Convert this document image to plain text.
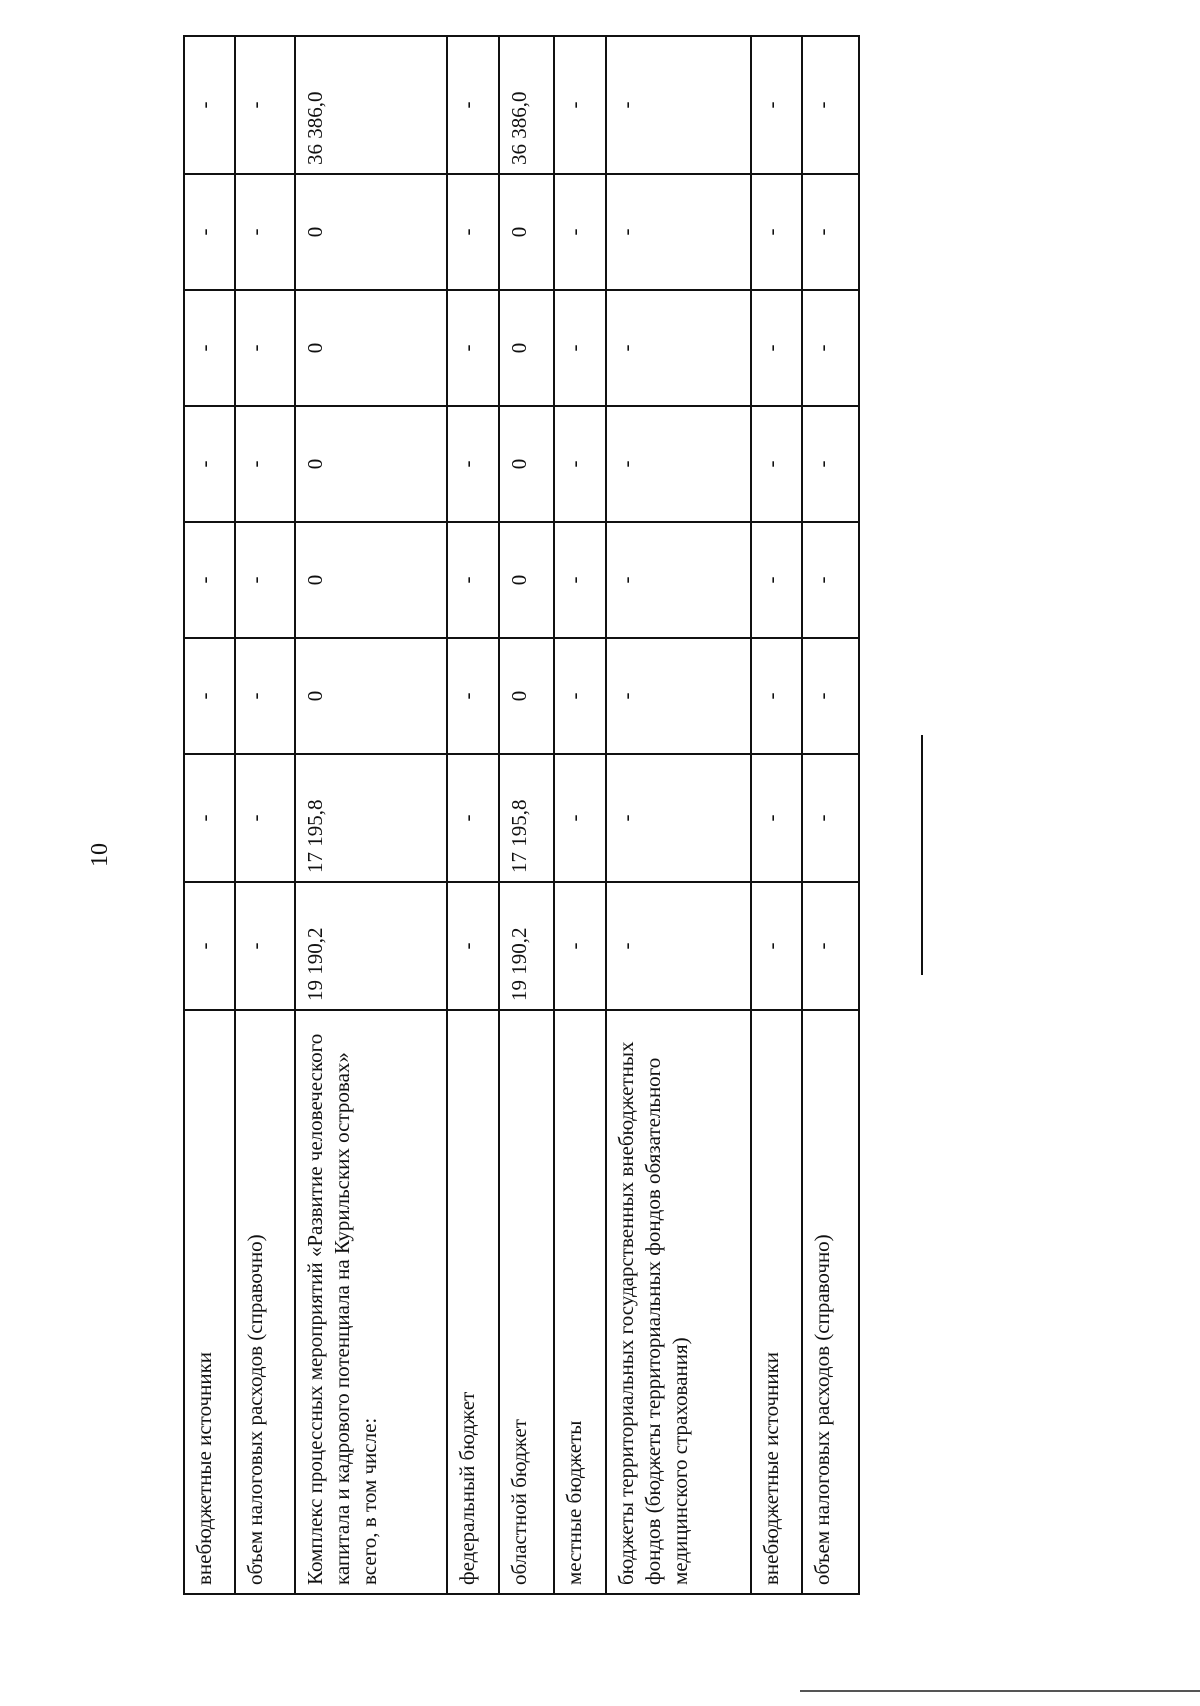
10
внебюджетные источники	-	-	-	-	-	-	-	-
объем налоговых расходов (справочно)	-	-	-	-	-	-	-	-
Комплекс процессных мероприятий «Развитие человеческого капитала и кадрового потенциала на Курильских островах» всего, в том числе:	19 190,2	17 195,8	0	0	0	0	0	36 386,0
федеральный бюджет	-	-	-	-	-	-	-	-
областной бюджет	19 190,2	17 195,8	0	0	0	0	0	36 386,0
местные бюджеты	-	-	-	-	-	-	-	-
бюджеты территориальных государственных внебюджетных фондов (бюджеты территориальных фондов обязательного медицинского страхования)	-	-	-	-	-	-	-	-
внебюджетные источники	-	-	-	-	-	-	-	-
объем налоговых расходов (справочно)	-	-	-	-	-	-	-	-
